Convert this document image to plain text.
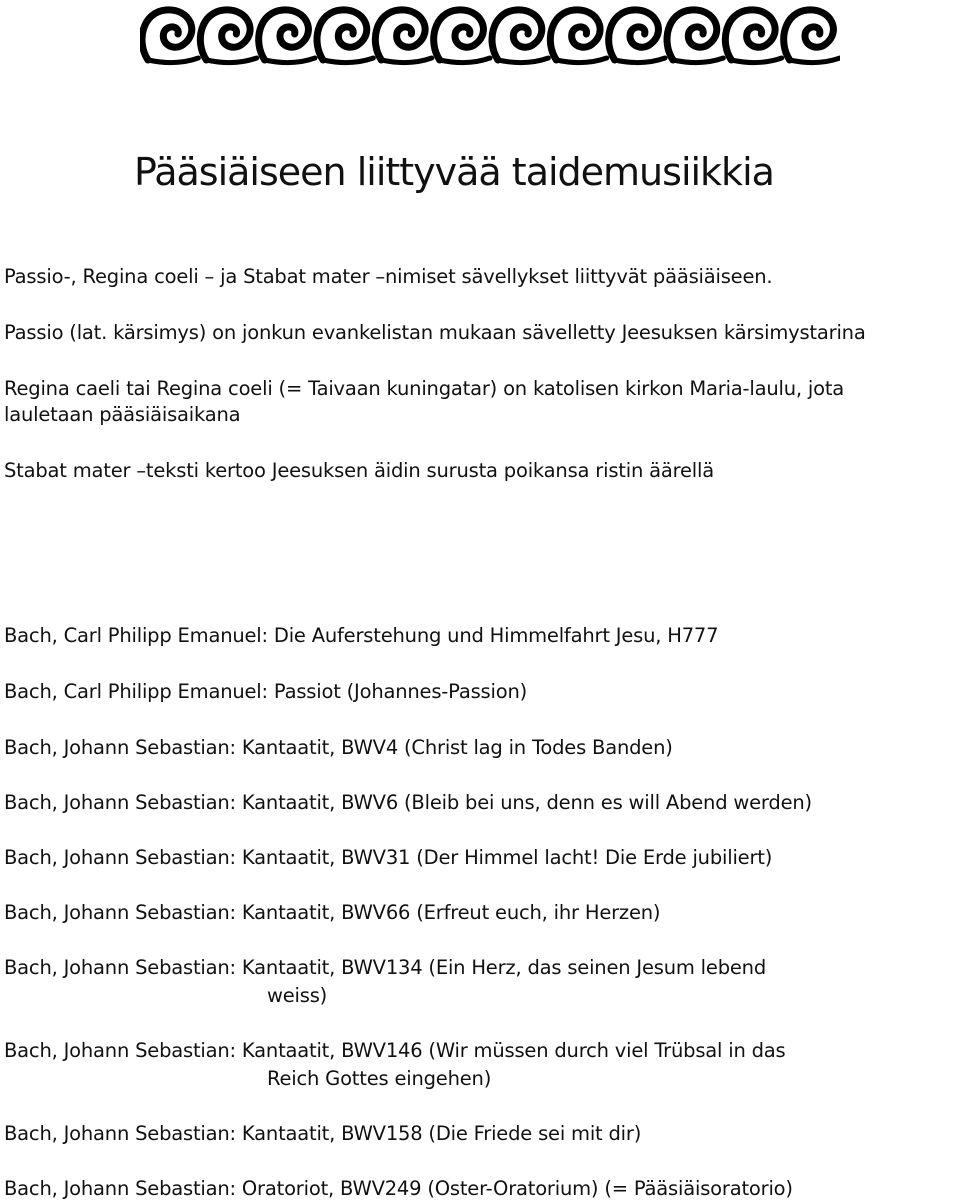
Pääsiäiseen liittyvää taidemusiikkia

Passio-, Regina coeli – ja Stabat mater –nimiset sävellykset liittyvät pääsiäiseen.

Passio (lat. kärsimys) on jonkun evankelistan mukaan sävelletty Jeesuksen kärsimystarina

Regina caeli tai Regina coeli (= Taivaan kuningatar) on katolisen kirkon Maria-laulu, jota

lauletaan pääsiäisaikana

Stabat mater –teksti kertoo Jeesuksen äidin surusta poikansa ristin äärellä

Bach, Carl Philipp Emanuel: Die Auferstehung und Himmelfahrt Jesu, H777

Bach, Carl Philipp Emanuel: Passiot (Johannes-Passion)

Bach, Johann Sebastian: Kantaatit, BWV4 (Christ lag in Todes Banden)

Bach, Johann Sebastian: Kantaatit, BWV6 (Bleib bei uns, denn es will Abend werden)

Bach, Johann Sebastian: Kantaatit, BWV31 (Der Himmel lacht! Die Erde jubiliert)

Bach, Johann Sebastian: Kantaatit, BWV66 (Erfreut euch, ihr Herzen)

Bach, Johann Sebastian: Kantaatit, BWV134 (Ein Herz, das seinen Jesum lebend
weiss)

Bach, Johann Sebastian: Kantaatit, BWV146 (Wir müssen durch viel Trübsal in das
Reich Gottes eingehen)

Bach, Johann Sebastian: Kantaatit, BWV158 (Die Friede sei mit dir)

Bach, Johann Sebastian: Oratoriot, BWV249 (Oster-Oratorium) (= Pääsiäisoratorio)
